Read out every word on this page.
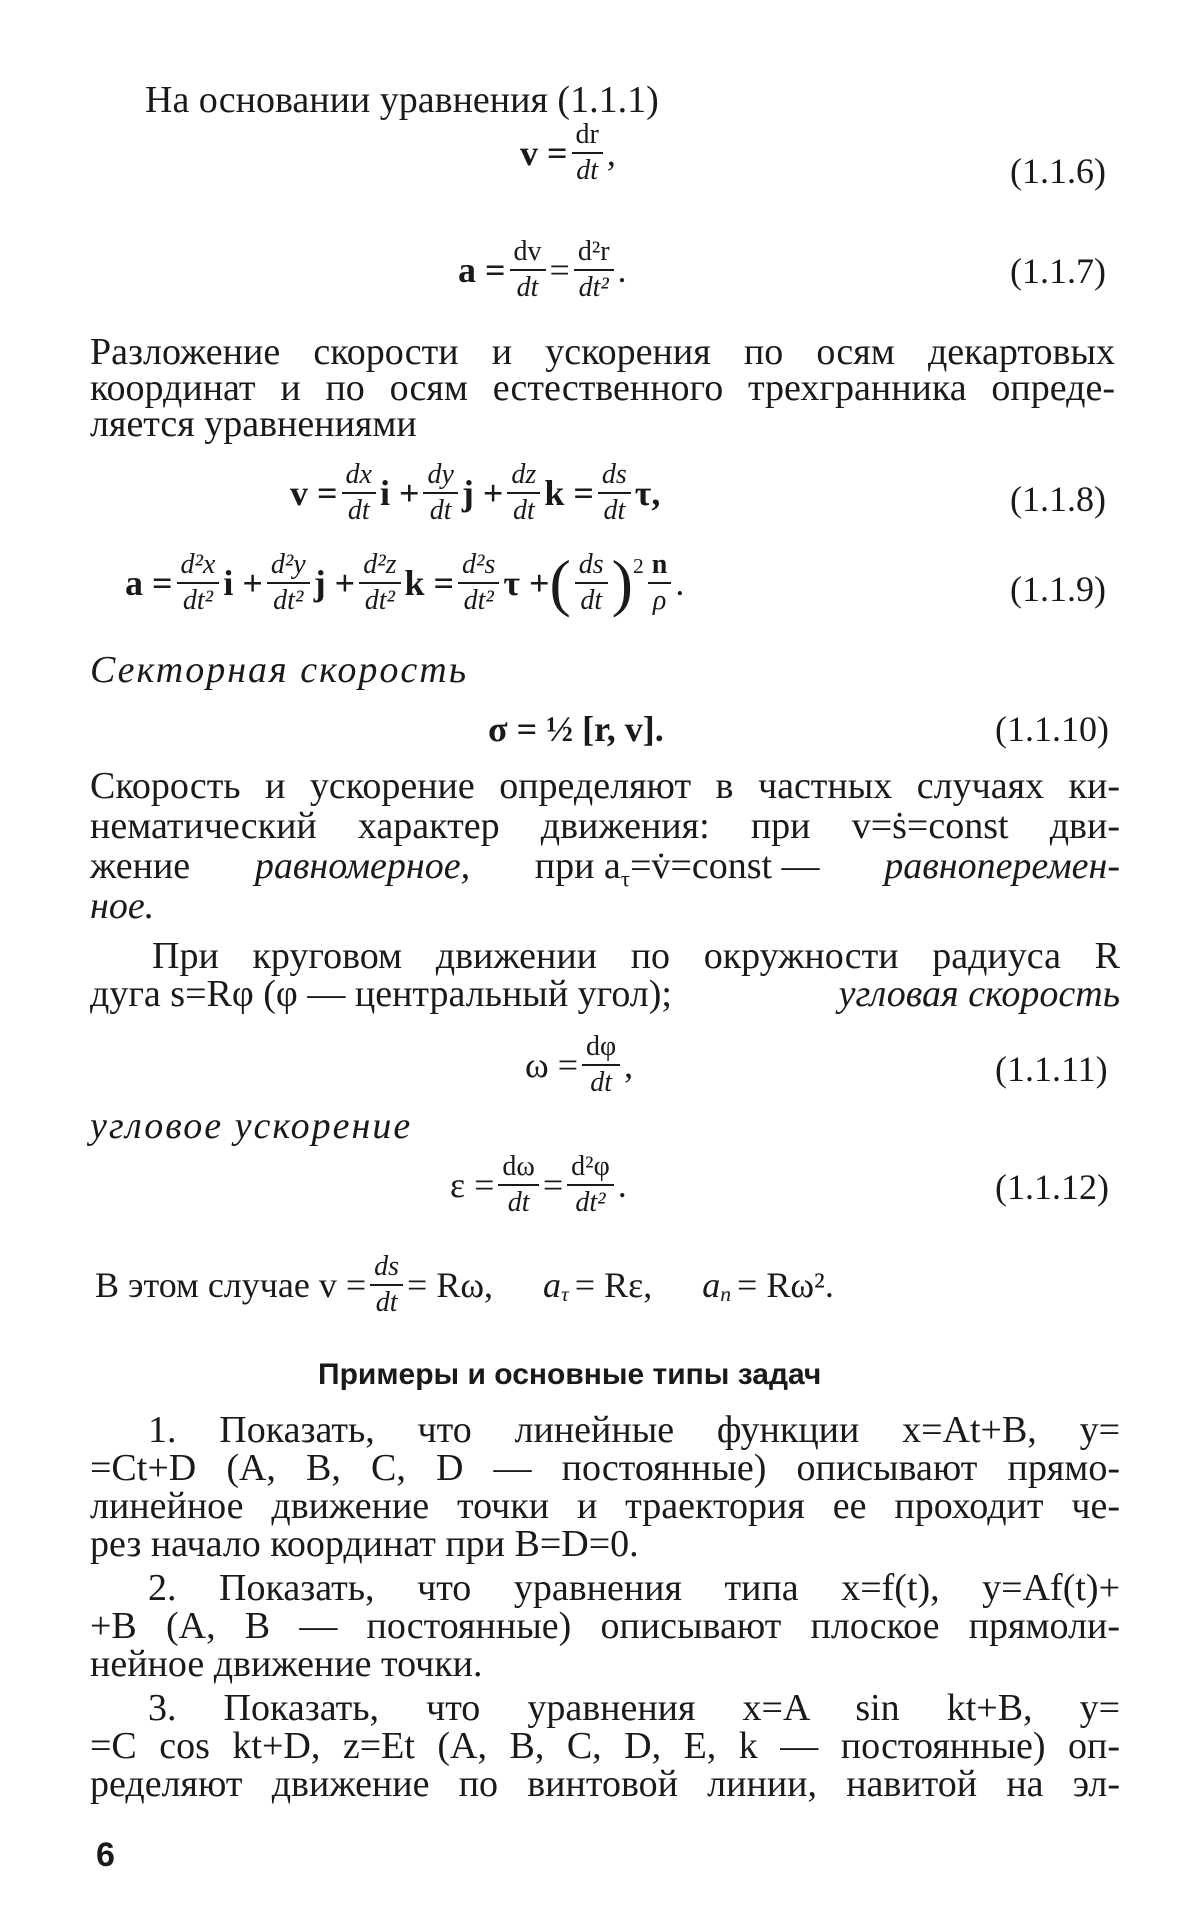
На основании уравнения (1.1.1)
$v = \frac{dr}{dt}$ ,	(1.1.6)
$a = \frac{dv}{dt} = \frac{\text{d²r}}{\text{dt²}}$ .	(1.1.7)
Разложение скорости и ускорения по осям декартовых
координат и по осям естественного трехгранника опреде-
ляется уравнениями
$v = \frac{dx}{dt}$ $i + \frac{dy}{dt}$ $j + \frac{dz}{dt}$ $k = \frac{ds}{dt} \tau$,	(1.1.8)
$a = \frac{\text{d²x}}{\text{dt²}}$ $i + \frac{\text{d²y}}{\text{dt²}}$ $j + \frac{\text{d²z}}{\text{dt²}}$ $k = \frac{\text{d²s}}{\text{dt²}}$ τ + ( $\frac{ds}{dt} )^2 \frac{n}{\rho}$ .	(1.1.9)
Секторная скорость
σ = ½ [r, v].	(1.1.10)
Скорость и ускорение определяют в частных случаях ки-
нематический характер движения: при v=ṡ=const дви-
жение равномерное, при $a_\tau=v̇=const$ — равноперемен-
ное.
При круговом движении по окружности радиуса R
дуга s=Rφ (φ — центральный угол);	угловая скорость
$\omega = \frac{d\varphi}{dt}$ ,	(1.1.11)
угловое ускорение
$\varepsilon = \frac{d\omega}{dt} = \frac{\text{d²φ}}{\text{dt²}}$ .	(1.1.12)
В этом случае $v = \frac{ds}{dt} = R\omega$, $a_\tau = R\varepsilon$, $a_n = R\omega^2$.
Примеры и основные типы задач
1. Показать, что линейные функции x=At+B, y=
=Ct+D (A, B, C, D — постоянные) описывают прямо-
линейное движение точки и траектория ее проходит че-
рез начало координат при B=D=0.
2. Показать, что уравнения типа x=f(t), y=Af(t)+
+B (A, B — постоянные) описывают плоское прямоли-
нейное движение точки.
3. Показать, что уравнения x=A sin kt+B, y=
=C cos kt+D, z=Et (A, B, C, D, E, k — постоянные) оп-
ределяют движение по винтовой линии, навитой на эл-
6
